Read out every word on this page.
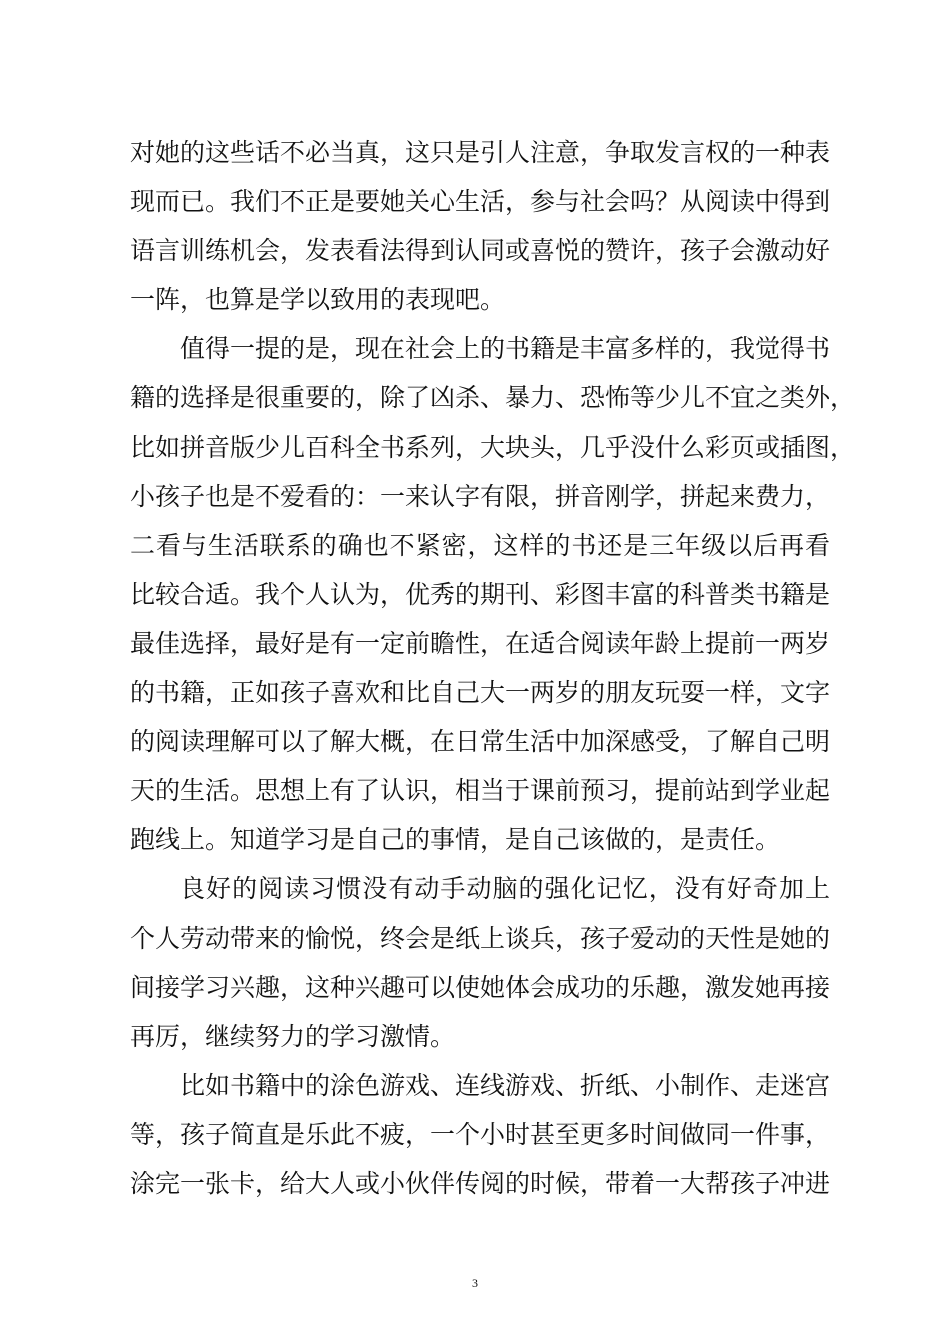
对她的这些话不必当真，这只是引人注意，争取发言权的一种表
现而已。我们不正是要她关心生活，参与社会吗？从阅读中得到
语言训练机会，发表看法得到认同或喜悦的赞许，孩子会激动好
一阵，也算是学以致用的表现吧。
值得一提的是，现在社会上的书籍是丰富多样的，我觉得书
籍的选择是很重要的，除了凶杀、暴力、恐怖等少儿不宜之类外，
比如拼音版少儿百科全书系列，大块头，几乎没什么彩页或插图，
小孩子也是不爱看的：一来认字有限，拼音刚学，拼起来费力，
二看与生活联系的确也不紧密，这样的书还是三年级以后再看
比较合适。我个人认为，优秀的期刊、彩图丰富的科普类书籍是
最佳选择，最好是有一定前瞻性，在适合阅读年龄上提前一两岁
的书籍，正如孩子喜欢和比自己大一两岁的朋友玩耍一样，文字
的阅读理解可以了解大概，在日常生活中加深感受，了解自己明
天的生活。思想上有了认识，相当于课前预习，提前站到学业起
跑线上。知道学习是自己的事情，是自己该做的，是责任。
良好的阅读习惯没有动手动脑的强化记忆，没有好奇加上
个人劳动带来的愉悦，终会是纸上谈兵，孩子爱动的天性是她的
间接学习兴趣，这种兴趣可以使她体会成功的乐趣，激发她再接
再厉，继续努力的学习激情。
比如书籍中的涂色游戏、连线游戏、折纸、小制作、走迷宫
等，孩子简直是乐此不疲，一个小时甚至更多时间做同一件事，
涂完一张卡，给大人或小伙伴传阅的时候，带着一大帮孩子冲进
3
